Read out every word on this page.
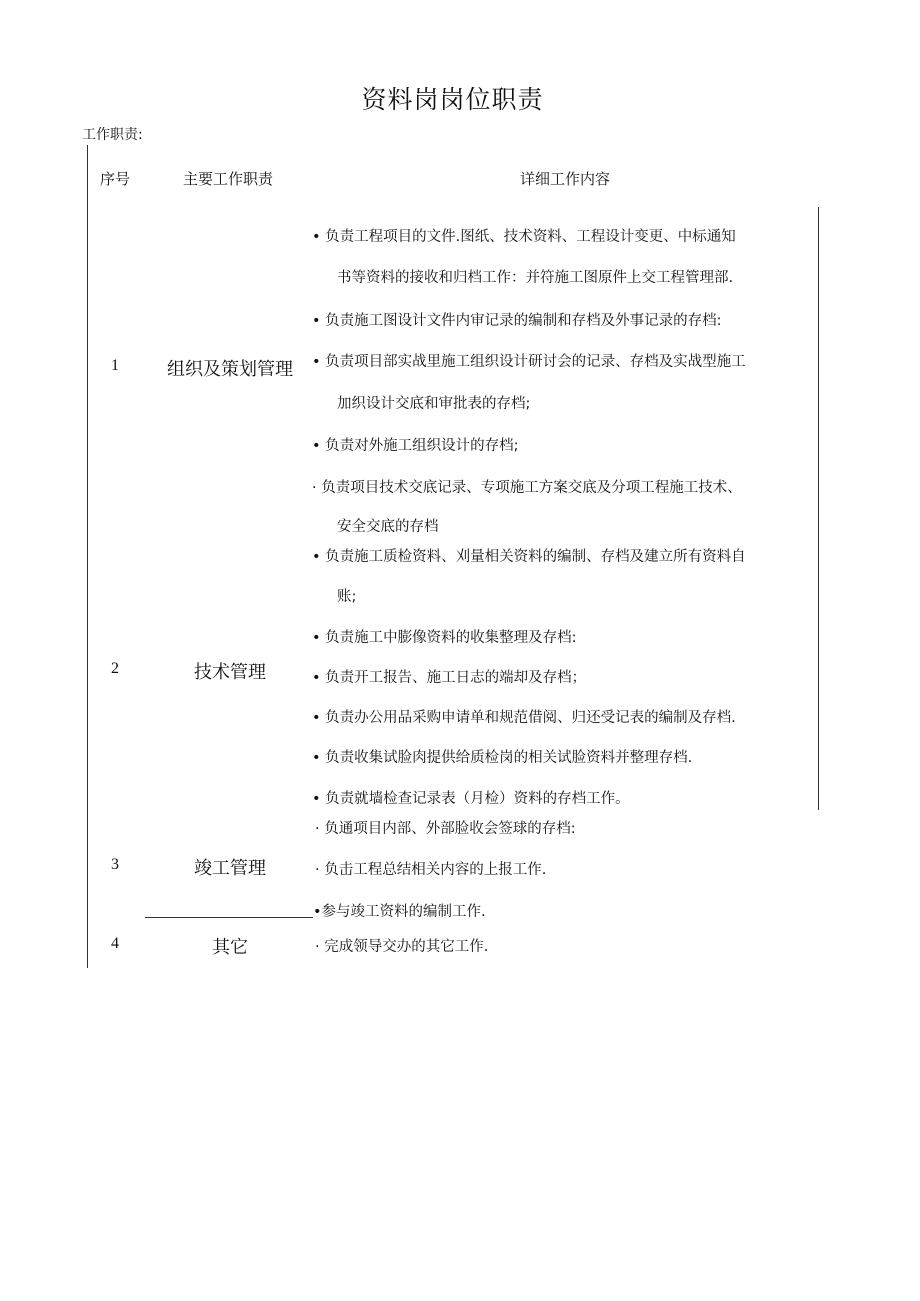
资料岗岗位职责
工作职责:
序号	主要工作职责	详细工作内容
1	组织及策划管理
• 负责工程项目的文件.图纸、技术资料、工程设计变更、中标通知
书等资料的接收和归档工作：并符施工图原件上交工程管理部.
• 负责施工图设计文件内审记录的编制和存档及外事记录的存档:
• 负责项目部实战里施工组织设计研讨会的记录、存档及实战型施工
加织设计交底和审批表的存档;
• 负责对外施工组织设计的存档;
· 负责项目技术交底记录、专项施工方案交底及分项工程施工技术、
安全交底的存档
2	技术管理
• 负责施工质检资料、刈量相关资料的编制、存档及建立所有资料自
账;
• 负责施工中膨像资料的收集整理及存档:
• 负责开工报告、施工日志的端却及存档；
• 负责办公用品采购申请单和规范借阅、归还受记表的编制及存档.
• 负责收集试脸肉提供给质检岗的相关试脸资料并整理存档.
• 负责就墙检查记录表（月检）资料的存档工作。
3	竣工管理
· 负通项目内部、外部脸收会签球的存档:
· 负击工程总结相关内容的上报工作.
•参与竣工资料的编制工作.
4	其它	· 完成领导交办的其它工作.
